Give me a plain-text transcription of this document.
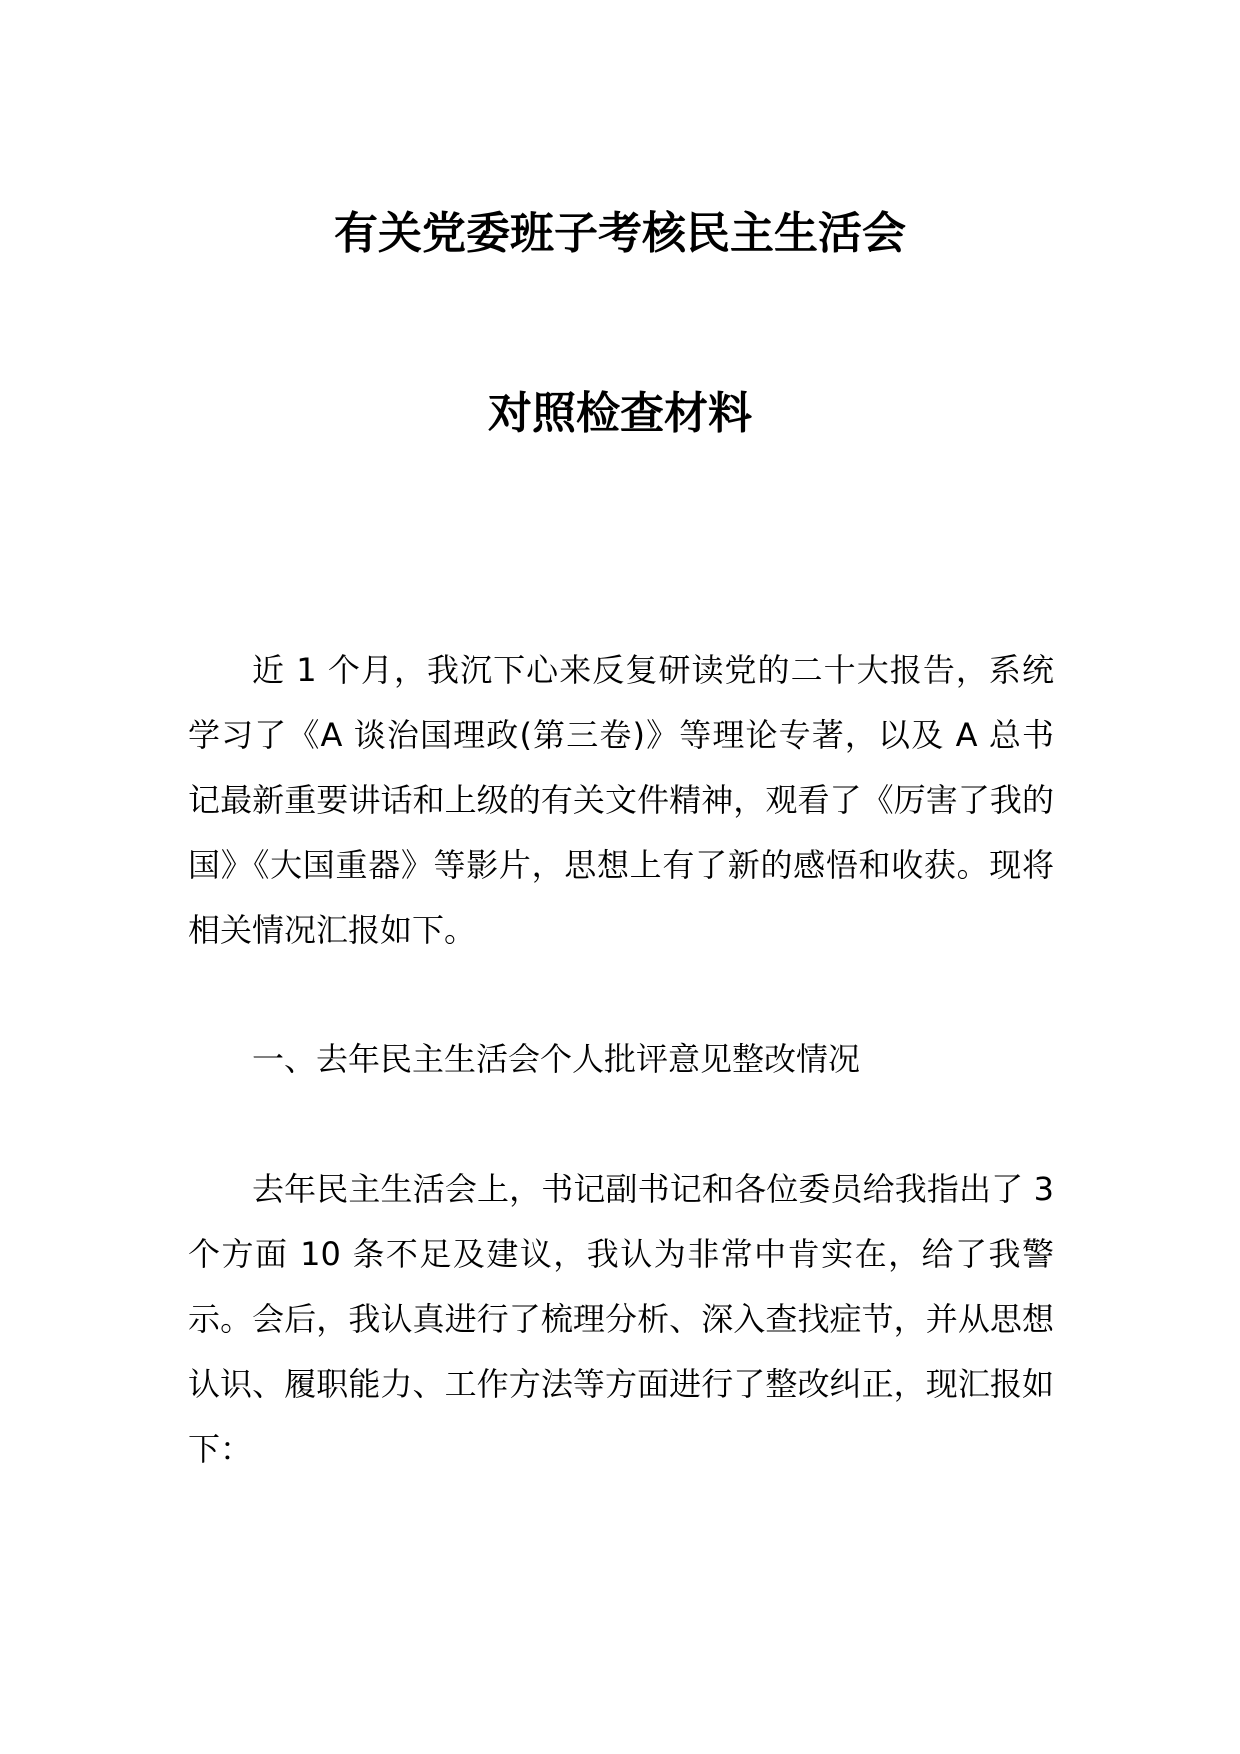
有关党委班子考核民主生活会
对照检查材料

近 1 个月，我沉下心来反复研读党的二十大报告，系统学习了《A 谈治国理政(第三卷)》等理论专著，以及 A 总书记最新重要讲话和上级的有关文件精神，观看了《厉害了我的国》《大国重器》等影片，思想上有了新的感悟和收获。现将相关情况汇报如下。

一、去年民主生活会个人批评意见整改情况

去年民主生活会上，书记副书记和各位委员给我指出了 3 个方面 10 条不足及建议，我认为非常中肯实在，给了我警示。会后，我认真进行了梳理分析、深入查找症节，并从思想认识、履职能力、工作方法等方面进行了整改纠正，现汇报如下：
